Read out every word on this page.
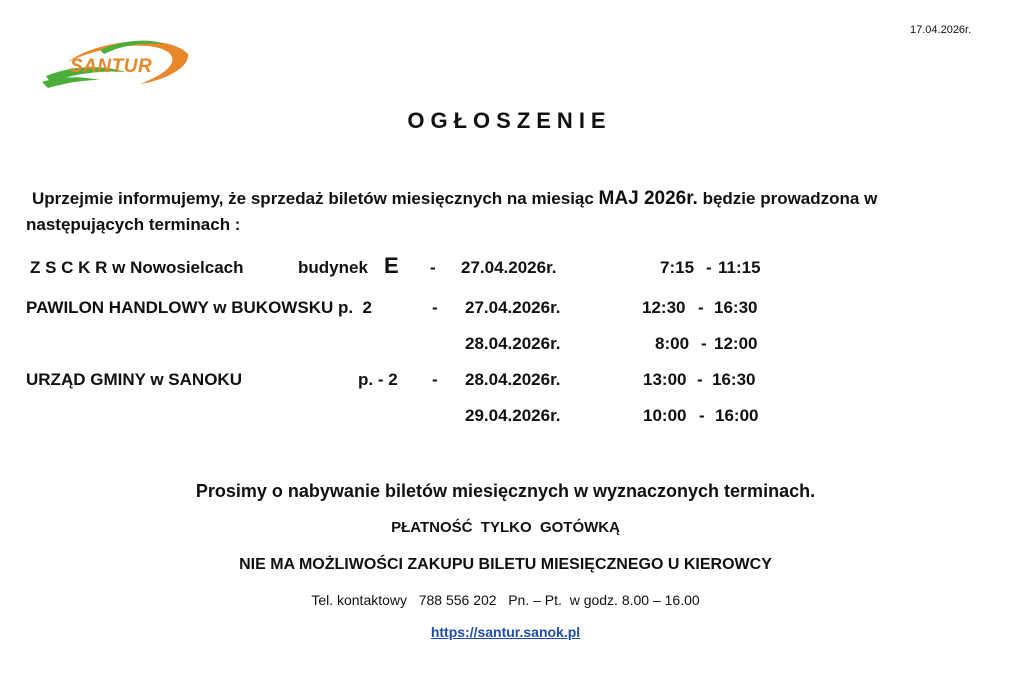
17.04.2026r.
SANTUR
OGŁOSZENIE
Uprzejmie informujemy, że sprzedaż biletów miesięcznych na miesiąc MAJ 2026r. będzie prowadzona w następujących terminach :
Z S C K R w Nowosielcach	budynek E - 27.04.2026r.	7:15 - 11:15
PAWILON HANDLOWY w BUKOWSKU p.  2	- 27.04.2026r.	12:30 - 16:30
28.04.2026r.	8:00 - 12:00
URZĄD GMINY w SANOKU	p. - 2 - 28.04.2026r.	13:00 - 16:30
29.04.2026r.	10:00 - 16:00
Prosimy o nabywanie biletów miesięcznych w wyznaczonych terminach.
PŁATNOŚĆ  TYLKO  GOTÓWKĄ
NIE MA MOŻLIWOŚCI ZAKUPU BILETU MIESIĘCZNEGO U KIEROWCY
Tel. kontaktowy   788 556 202   Pn. – Pt.  w godz. 8.00 – 16.00
https://santur.sanok.pl
